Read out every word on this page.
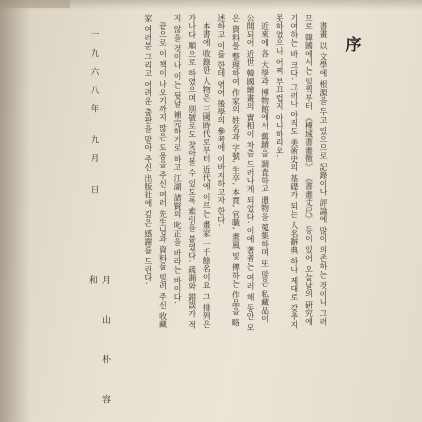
序

書畫 以 文學에 根源을 두고 있으므로 記錄이나 評論에 많이 의존하는 것이니 그러므로 韓國에서는 일찍부터 《槿域書畫徵》 《書畫丈尺》 등이 있어 오늘날의 硏究에 기여하는 바 크다. 그러나 아직도 美術史의 基礎가 되는 人名辭典 하나 제대로 갖추지 못하였으니 어찌 부끄럽지 아니하리오.

近來에 各 大學과 博物館에서 舊蹟을 調査하고 遺物을 蒐集하며 또 많은 私藏品이 公開되어 近世 韓國繪畫의 實相이 차츰 드러나게 되었다. 이에 著者는 여러 해 동안 모은 資料를 整理하여 作家의 姓名과 字號, 生卒, 本貫, 官職, 畫風 및 傳하는 作品을 略述하고 이를 한데 엮어 後學의 參考에 이바지하고자 한다.

本書에 收錄한 人物은 三國時代로부터 近代에 이르는 畫家 一千餘名이요 그 排列은 가나다 順으로 하였으며 別號로도 찾아볼 수 있도록 索引을 붙였다. 疏漏와 錯誤가 적지 않을 것이나 이는 뒷날 補完하기로 하고 江湖 諸賢의 叱正을 바라는 바이다.

끝으로 이 책이 나오기까지 많은 도움을 주신 여러 先生님과 資料를 빌려 주신 收藏家 여러분 그리고 어려운 출판을 맡아 주신 出版社에 깊은 感謝를 드린다.

一九六八年 九月 日
月 山 朴 容 和
